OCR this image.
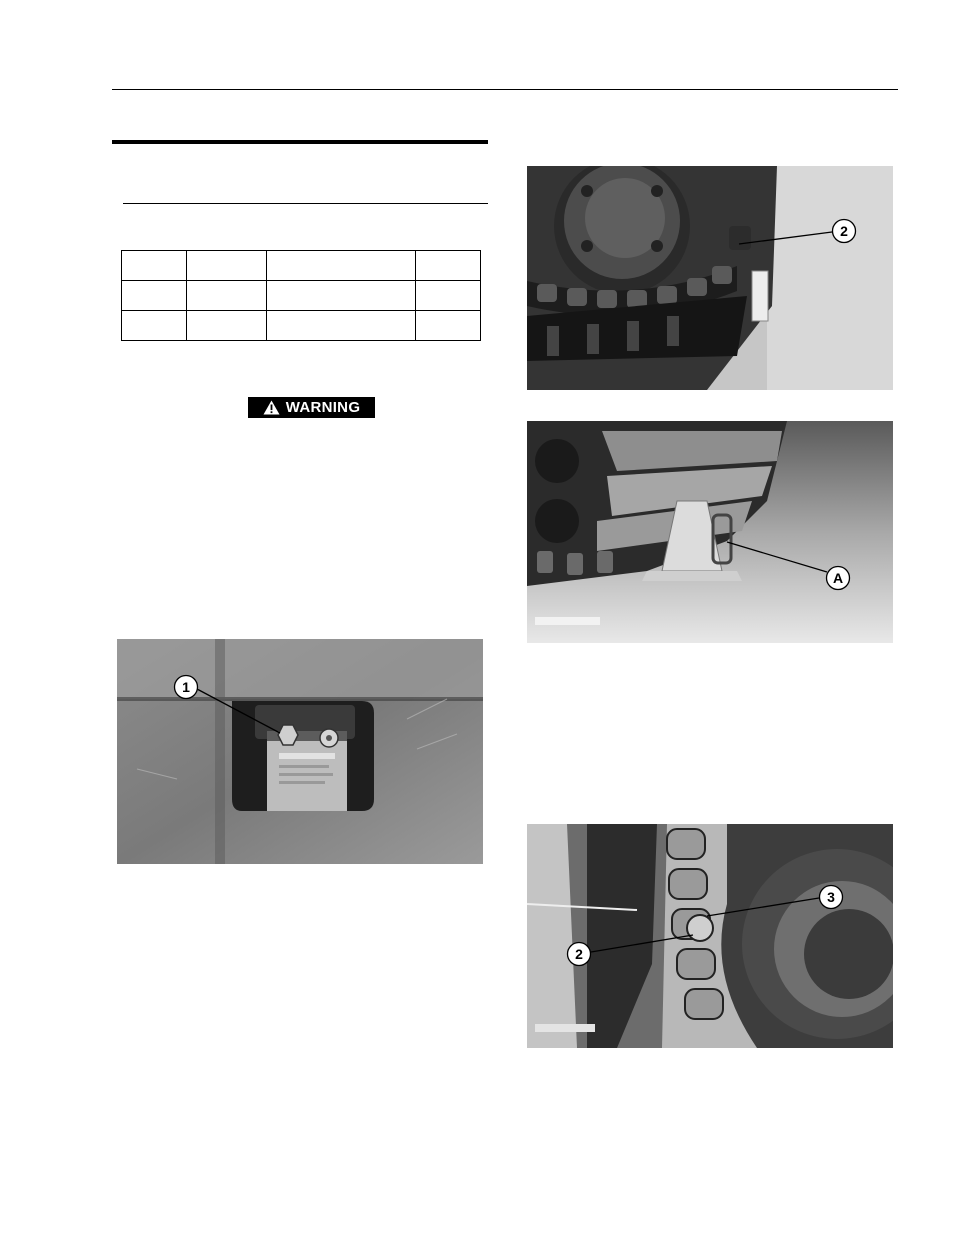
WARNING
1
2
A
3
2
